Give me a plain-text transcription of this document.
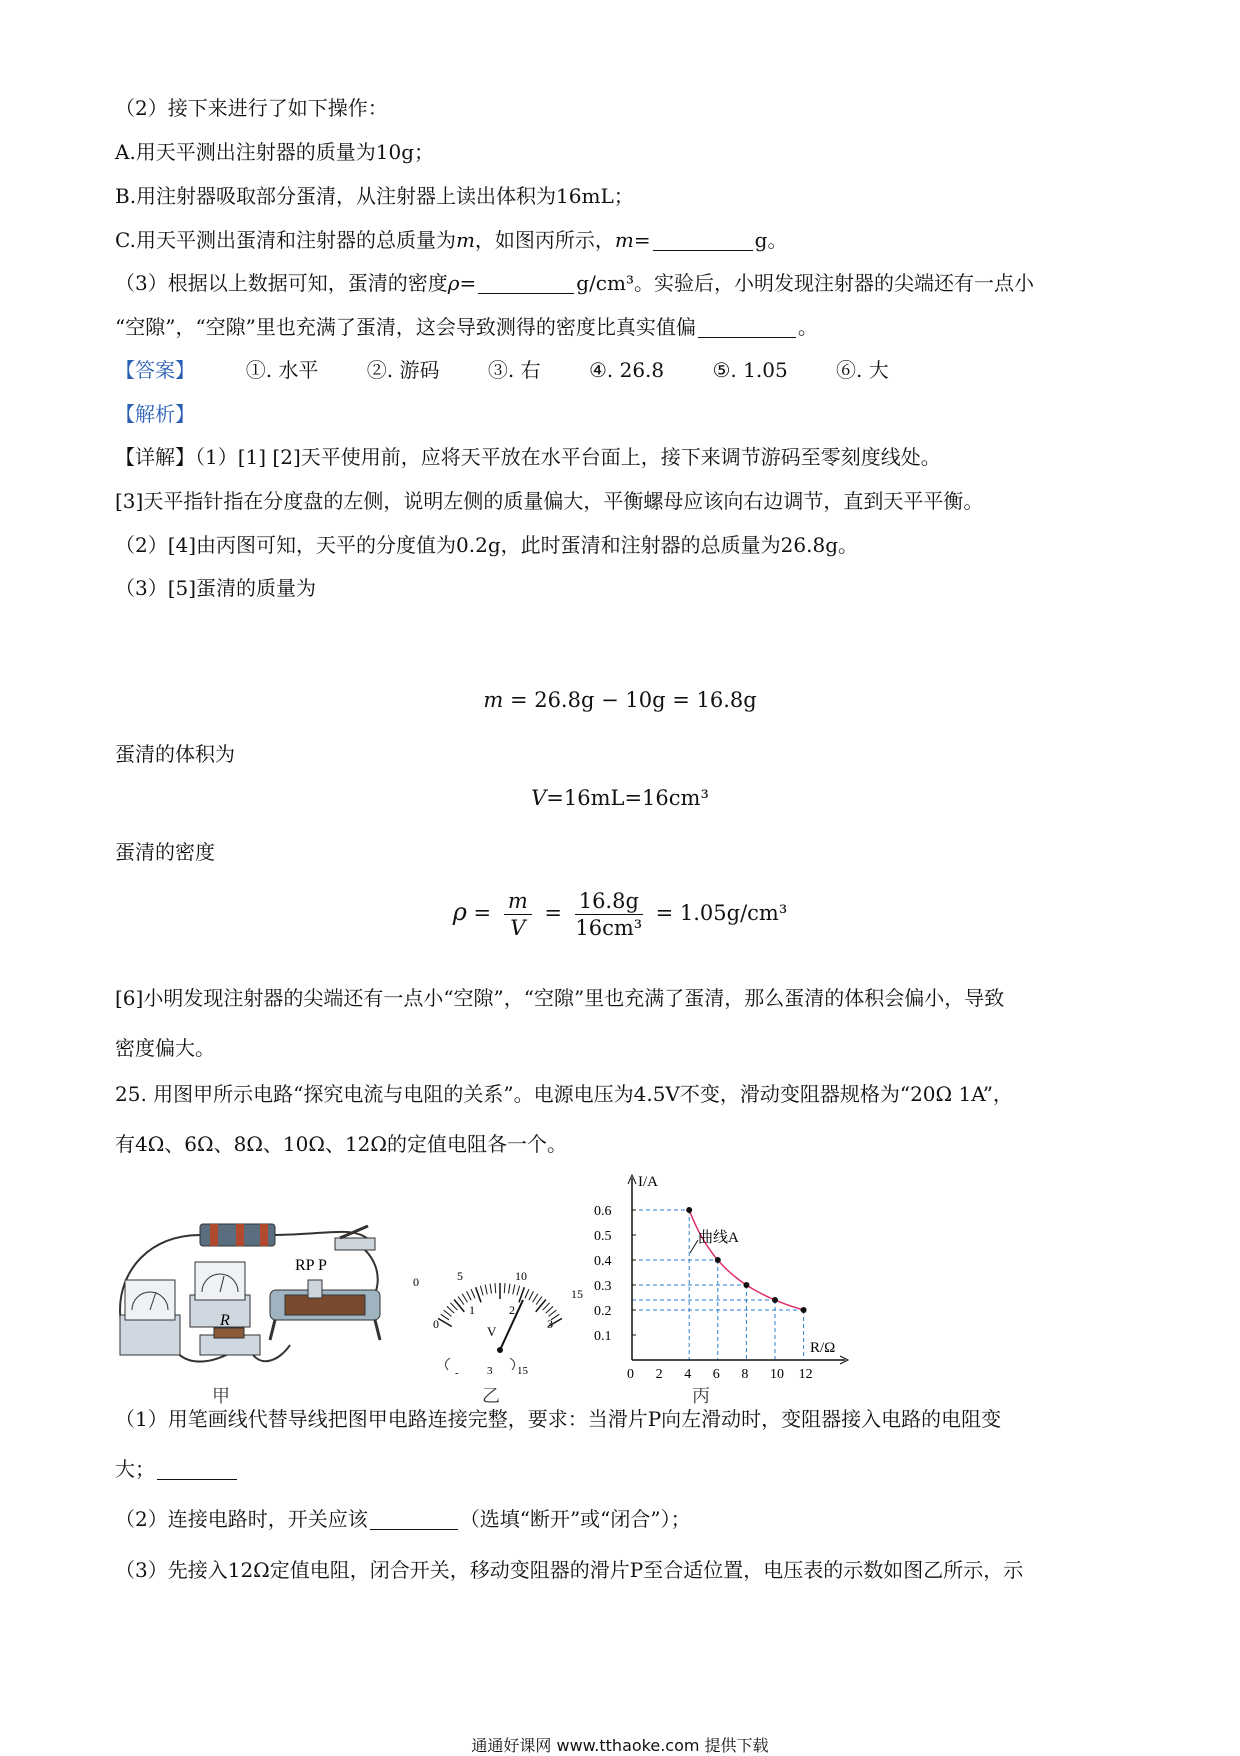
（2）接下来进行了如下操作：
A.用天平测出注射器的质量为10g；
B.用注射器吸取部分蛋清，从注射器上读出体积为16mL；
C.用天平测出蛋清和注射器的总质量为m，如图丙所示，m=	g。
（3）根据以上数据可知，蛋清的密度ρ=	g/cm³。实验后，小明发现注射器的尖端还有一点小
“空隙”，“空隙”里也充满了蛋清，这会导致测得的密度比真实值偏	。
【答案】	①. 水平 ②. 游码 ③. 右 ④. 26.8 ⑤. 1.05 ⑥. 大
【解析】
【详解】（1）[1] [2]天平使用前，应将天平放在水平台面上，接下来调节游码至零刻度线处。
[3]天平指针指在分度盘的左侧，说明左侧的质量偏大，平衡螺母应该向右边调节，直到天平平衡。
（2）[4]由丙图可知，天平的分度值为0.2g，此时蛋清和注射器的总质量为26.8g。
（3）[5]蛋清的质量为
m = 26.8g − 10g = 16.8g
蛋清的体积为
V=16mL=16cm³
蛋清的密度
$\rho = \frac{m}{V} = \frac{16.8g}{\text{16cm³}} = 1.05g/cm^3$
[6]小明发现注射器的尖端还有一点小“空隙”，“空隙”里也充满了蛋清，那么蛋清的体积会偏小，导致
密度偏大。
25. 用图甲所示电路“探究电流与电阻的关系”。电源电压为4.5V不变，滑动变阻器规格为“20Ω 1A”，
有4Ω、6Ω、8Ω、10Ω、12Ω的定值电阻各一个。
R
RP P
甲
0	5	10
15
0
1	2
3
V
-	3 15
乙
I/A
R/Ω
0 2 4 6 8 10 12
0.1
0.2
0.3
0.4
0.5
0.6
曲线A
丙
（1）用笔画线代替导线把图甲电路连接完整，要求：当滑片P向左滑动时，变阻器接入电路的电阻变
大；
（2）连接电路时，开关应该	（选填“断开”或“闭合”）；
（3）先接入12Ω定值电阻，闭合开关，移动变阻器的滑片P至合适位置，电压表的示数如图乙所示，示
通通好课网 www.tthaoke.com 提供下载
